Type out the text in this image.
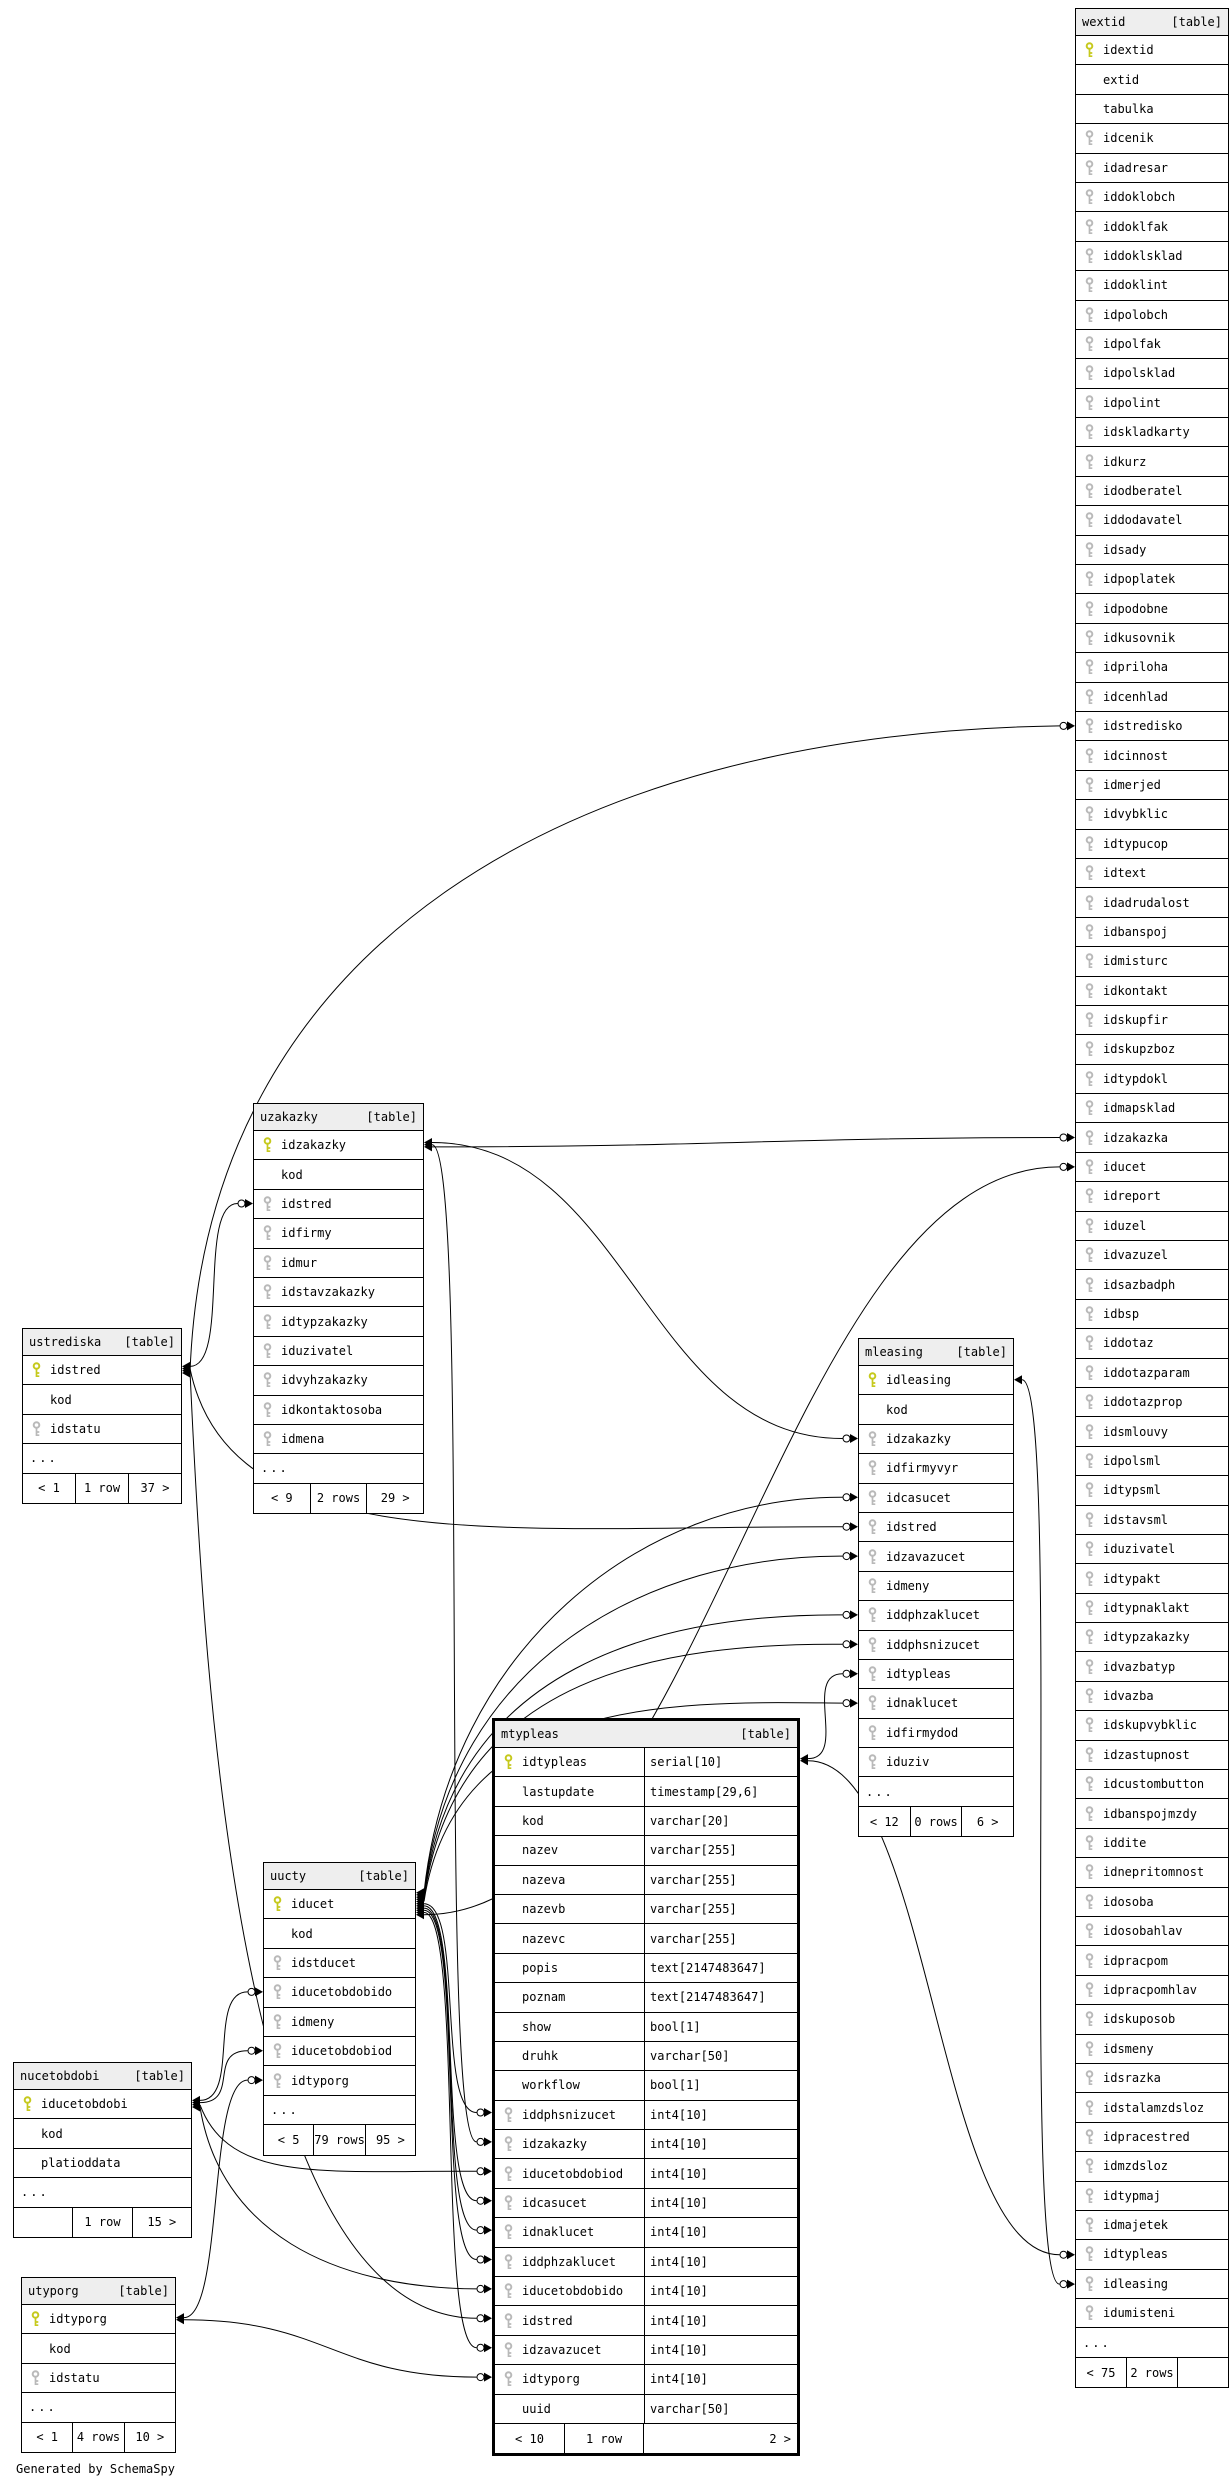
wextid	[table]
idextid
extid
tabulka
idcenik
idadresar
iddoklobch
iddoklfak
iddoklsklad
iddoklint
idpolobch
idpolfak
idpolsklad
idpolint
idskladkarty
idkurz
idodberatel
iddodavatel
idsady
idpoplatek
idpodobne
idkusovnik
idpriloha
idcenhlad
idstredisko
idcinnost
idmerjed
idvybklic
idtypucop
idtext
idadrudalost
idbanspoj
idmisturc
idkontakt
idskupfir
idskupzboz
idtypdokl
idmapsklad
idzakazka
iducet
idreport
iduzel
idvazuzel
idsazbadph
idbsp
iddotaz
iddotazparam
iddotazprop
idsmlouvy
idpolsml
idtypsml
idstavsml
iduzivatel
idtypakt
idtypnaklakt
idtypzakazky
idvazbatyp
idvazba
idskupvybklic
idzastupnost
idcustombutton
idbanspojmzdy
iddite
idnepritomnost
idosoba
idosobahlav
idpracpom
idpracpomhlav
idskuposob
idsmeny
idsrazka
idstalamzdsloz
idpracestred
idmzdsloz
idtypmaj
idmajetek
idtypleas
idleasing
idumisteni
...
< 75	2 rows
uzakazky	[table]
idzakazky
kod
idstred
idfirmy
idmur
idstavzakazky
idtypzakazky
iduzivatel
idvyhzakazky
idkontaktosoba
idmena
...
< 9	2 rows	29 >
ustrediska [table]
idstred
kod
idstatu
...
< 1	1 row	37 >
mleasing	[table]
idleasing
kod
idzakazky
idfirmyvyr
idcasucet
idstred
idzavazucet
idmeny
iddphzaklucet
iddphsnizucet
idtypleas
idnaklucet
idfirmydod
iduziv
...
< 12	0 rows	6 >
mtypleas	[table]
idtypleas	serial[10]
lastupdate	timestamp[29,6]
kod	varchar[20]
nazev	varchar[255]
nazeva	varchar[255]
nazevb	varchar[255]
nazevc	varchar[255]
popis	text[2147483647]
poznam	text[2147483647]
show	bool[1]
druhk	varchar[50]
workflow	bool[1]
iddphsnizucet	int4[10]
idzakazky	int4[10]
iducetobdobiod	int4[10]
idcasucet	int4[10]
idnaklucet	int4[10]
iddphzaklucet	int4[10]
iducetobdobido	int4[10]
idstred	int4[10]
idzavazucet	int4[10]
idtyporg	int4[10]
uuid	varchar[50]
< 10	1 row	2 >
uucty	[table]
iducet
kod
idstducet
iducetobdobido
idmeny
iducetobdobiod
idtyporg
...
< 5	79 rows 95 >
nucetobdobi	[table]
iducetobdobi
kod
platioddata
...
1 row	15 >
utyporg	[table]
idtyporg
kod
idstatu
...
< 1	4 rows	10 >
Generated by SchemaSpy
